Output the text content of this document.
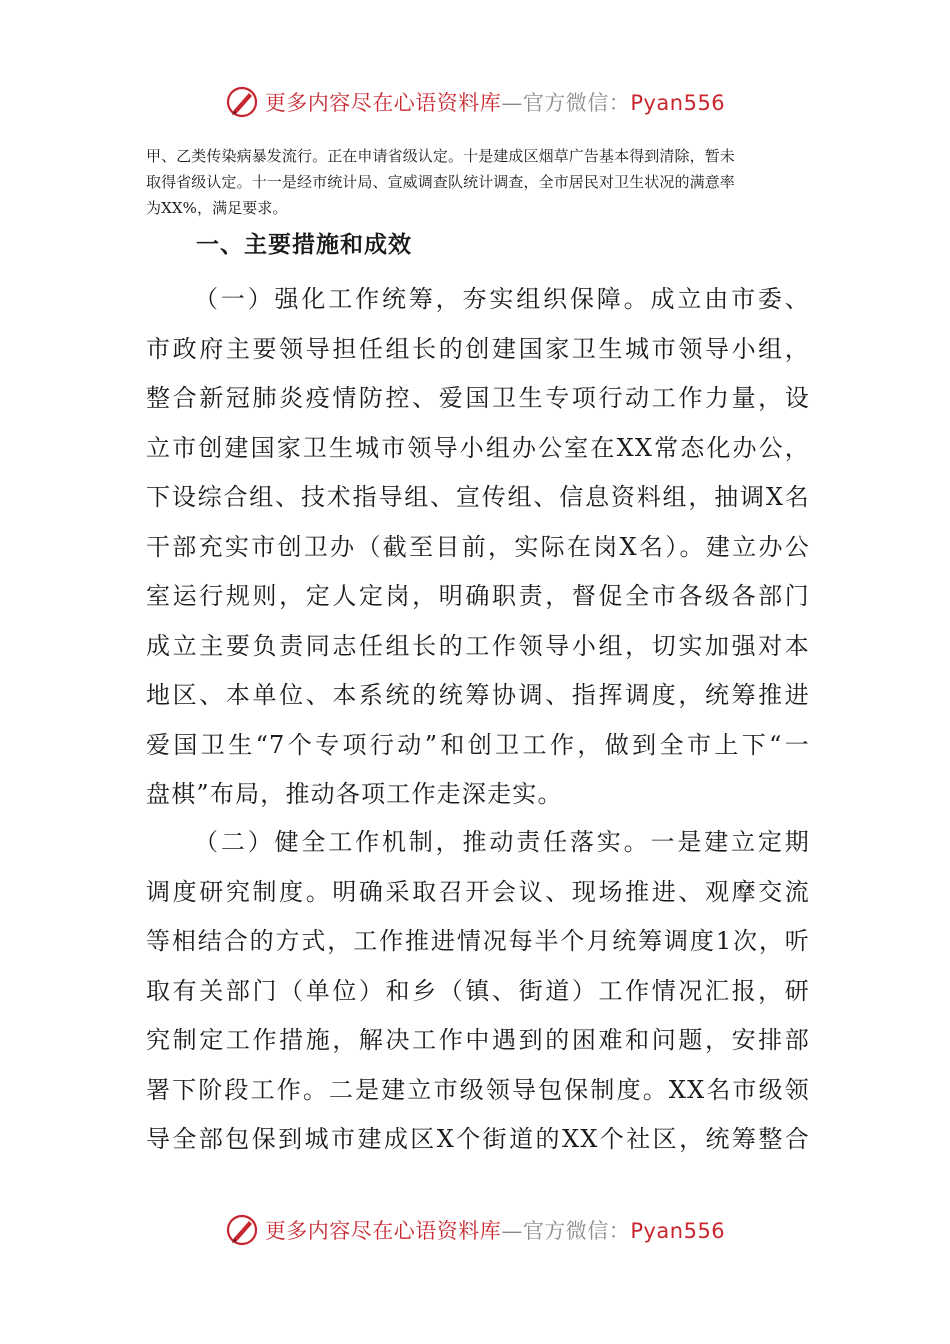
更多内容尽在心语资料库—官方微信：Pyan556

甲、乙类传染病暴发流行。正在申请省级认定。十是建成区烟草广告基本得到清除，暂未
取得省级认定。十一是经市统计局、宣威调查队统计调查，全市居民对卫生状况的满意率
为XX%，满足要求。

一、主要措施和成效

（一）强化工作统筹，夯实组织保障。成立由市委、
市政府主要领导担任组长的创建国家卫生城市领导小组，
整合新冠肺炎疫情防控、爱国卫生专项行动工作力量，设
立市创建国家卫生城市领导小组办公室在XX常态化办公，
下设综合组、技术指导组、宣传组、信息资料组，抽调X名
干部充实市创卫办（截至目前，实际在岗X名）。建立办公
室运行规则，定人定岗，明确职责，督促全市各级各部门
成立主要负责同志任组长的工作领导小组，切实加强对本
地区、本单位、本系统的统筹协调、指挥调度，统筹推进
爱国卫生“7个专项行动”和创卫工作，做到全市上下“一
盘棋”布局，推动各项工作走深走实。

（二）健全工作机制，推动责任落实。一是建立定期
调度研究制度。明确采取召开会议、现场推进、观摩交流
等相结合的方式，工作推进情况每半个月统筹调度1次，听
取有关部门（单位）和乡（镇、街道）工作情况汇报，研
究制定工作措施，解决工作中遇到的困难和问题，安排部
署下阶段工作。二是建立市级领导包保制度。XX名市级领
导全部包保到城市建成区X个街道的XX个社区，统筹整合

更多内容尽在心语资料库—官方微信：Pyan556
